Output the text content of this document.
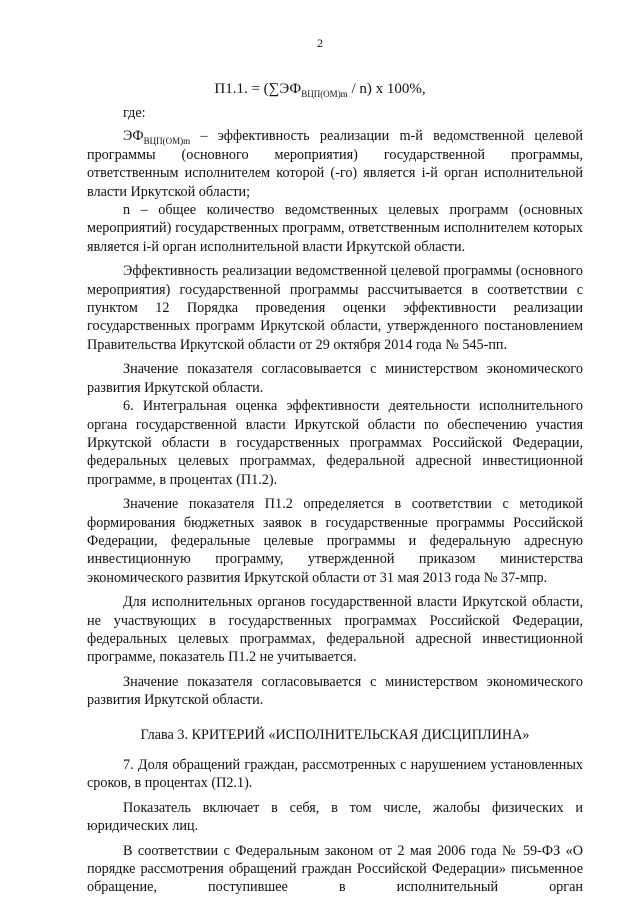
2
П1.1. = $(\sum ЭФ_{ВЦП(ОМ)m} / n)$ x 100%,

где:

$ЭФ_{ВЦП(ОМ)m}$ – эффективность реализации m-й ведомственной целевой программы (основного мероприятия) государственной программы, ответственным исполнителем которой (-го) является i-й орган исполнительной власти Иркутской области;

n – общее количество ведомственных целевых программ (основных мероприятий) государственных программ, ответственным исполнителем которых является i-й орган исполнительной власти Иркутской области.

Эффективность реализации ведомственной целевой программы (основного мероприятия) государственной программы рассчитывается в соответствии с пунктом 12 Порядка проведения оценки эффективности реализации государственных программ Иркутской области, утвержденного постановлением Правительства Иркутской области от 29 октября 2014 года № 545-пп.

Значение показателя согласовывается с министерством экономического развития Иркутской области.

6. Интегральная оценка эффективности деятельности исполнительного органа государственной власти Иркутской области по обеспечению участия Иркутской области в государственных программах Российской Федерации, федеральных целевых программах, федеральной адресной инвестиционной программе, в процентах (П1.2).

Значение показателя П1.2 определяется в соответствии с методикой формирования бюджетных заявок в государственные программы Российской Федерации, федеральные целевые программы и федеральную адресную инвестиционную программу, утвержденной приказом министерства экономического развития Иркутской области от 31 мая 2013 года № 37-мпр.

Для исполнительных органов государственной власти Иркутской области, не участвующих в государственных программах Российской Федерации, федеральных целевых программах, федеральной адресной инвестиционной программе, показатель П1.2 не учитывается.

Значение показателя согласовывается с министерством экономического развития Иркутской области.

Глава 3. КРИТЕРИЙ «ИСПОЛНИТЕЛЬСКАЯ ДИСЦИПЛИНА»

7. Доля обращений граждан, рассмотренных с нарушением установленных сроков, в процентах (П2.1).

Показатель включает в себя, в том числе, жалобы физических и юридических лиц.

В соответствии с Федеральным законом от 2 мая 2006 года № 59-ФЗ «О порядке рассмотрения обращений граждан Российской Федерации» письменное обращение, поступившее в исполнительный орган
